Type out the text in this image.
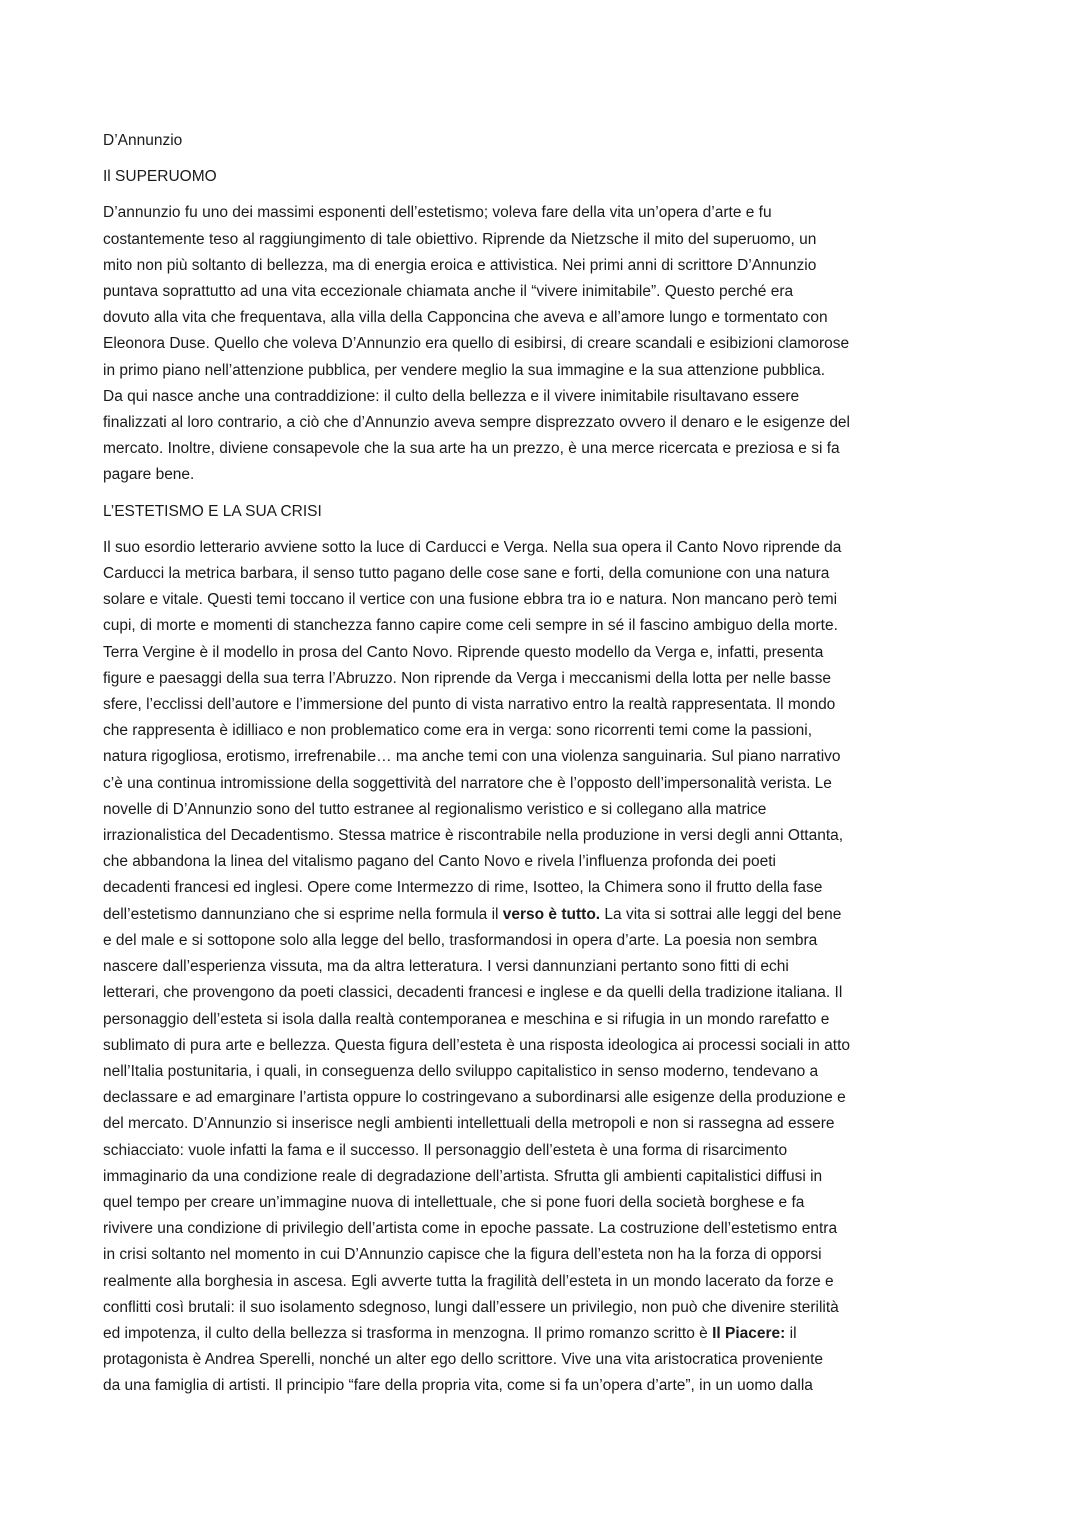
D’Annunzio

Il SUPERUOMO

D’annunzio fu uno dei massimi esponenti dell’estetismo; voleva fare della vita un’opera d’arte e fu
costantemente teso al raggiungimento di tale obiettivo. Riprende da Nietzsche il mito del superuomo, un
mito non più soltanto di bellezza, ma di energia eroica e attivistica. Nei primi anni di scrittore D’Annunzio
puntava soprattutto ad una vita eccezionale chiamata anche il “vivere inimitabile”. Questo perché era
dovuto alla vita che frequentava, alla villa della Capponcina che aveva e all’amore lungo e tormentato con
Eleonora Duse. Quello che voleva D’Annunzio era quello di esibirsi, di creare scandali e esibizioni clamorose
in primo piano nell’attenzione pubblica, per vendere meglio la sua immagine e la sua attenzione pubblica.
Da qui nasce anche una contraddizione: il culto della bellezza e il vivere inimitabile risultavano essere
finalizzati al loro contrario, a ciò che d’Annunzio aveva sempre disprezzato ovvero il denaro e le esigenze del
mercato. Inoltre, diviene consapevole che la sua arte ha un prezzo, è una merce ricercata e preziosa e si fa
pagare bene.

L’ESTETISMO E LA SUA CRISI

Il suo esordio letterario avviene sotto la luce di Carducci e Verga. Nella sua opera il Canto Novo riprende da
Carducci la metrica barbara, il senso tutto pagano delle cose sane e forti, della comunione con una natura
solare e vitale. Questi temi toccano il vertice con una fusione ebbra tra io e natura. Non mancano però temi
cupi, di morte e momenti di stanchezza fanno capire come celi sempre in sé il fascino ambiguo della morte.
Terra Vergine è il modello in prosa del Canto Novo. Riprende questo modello da Verga e, infatti, presenta
figure e paesaggi della sua terra l’Abruzzo. Non riprende da Verga i meccanismi della lotta per nelle basse
sfere, l’ecclissi dell’autore e l’immersione del punto di vista narrativo entro la realtà rappresentata. Il mondo
che rappresenta è idilliaco e non problematico come era in verga: sono ricorrenti temi come la passioni,
natura rigogliosa, erotismo, irrefrenabile… ma anche temi con una violenza sanguinaria. Sul piano narrativo
c’è una continua intromissione della soggettività del narratore che è l’opposto dell’impersonalità verista. Le
novelle di D’Annunzio sono del tutto estranee al regionalismo veristico e si collegano alla matrice
irrazionalistica del Decadentismo. Stessa matrice è riscontrabile nella produzione in versi degli anni Ottanta,
che abbandona la linea del vitalismo pagano del Canto Novo e rivela l’influenza profonda dei poeti
decadenti francesi ed inglesi. Opere come Intermezzo di rime, Isotteo, la Chimera sono il frutto della fase
dell’estetismo dannunziano che si esprime nella formula il verso è tutto. La vita si sottrai alle leggi del bene
e del male e si sottopone solo alla legge del bello, trasformandosi in opera d’arte. La poesia non sembra
nascere dall’esperienza vissuta, ma da altra letteratura. I versi dannunziani pertanto sono fitti di echi
letterari, che provengono da poeti classici, decadenti francesi e inglese e da quelli della tradizione italiana. Il
personaggio dell’esteta si isola dalla realtà contemporanea e meschina e si rifugia in un mondo rarefatto e
sublimato di pura arte e bellezza. Questa figura dell’esteta è una risposta ideologica ai processi sociali in atto
nell’Italia postunitaria, i quali, in conseguenza dello sviluppo capitalistico in senso moderno, tendevano a
declassare e ad emarginare l’artista oppure lo costringevano a subordinarsi alle esigenze della produzione e
del mercato. D’Annunzio si inserisce negli ambienti intellettuali della metropoli e non si rassegna ad essere
schiacciato: vuole infatti la fama e il successo. Il personaggio dell’esteta è una forma di risarcimento
immaginario da una condizione reale di degradazione dell’artista. Sfrutta gli ambienti capitalistici diffusi in
quel tempo per creare un’immagine nuova di intellettuale, che si pone fuori della società borghese e fa
rivivere una condizione di privilegio dell’artista come in epoche passate. La costruzione dell’estetismo entra
in crisi soltanto nel momento in cui D’Annunzio capisce che la figura dell’esteta non ha la forza di opporsi
realmente alla borghesia in ascesa. Egli avverte tutta la fragilità dell’esteta in un mondo lacerato da forze e
conflitti così brutali: il suo isolamento sdegnoso, lungi dall’essere un privilegio, non può che divenire sterilità
ed impotenza, il culto della bellezza si trasforma in menzogna. Il primo romanzo scritto è Il Piacere: il
protagonista è Andrea Sperelli, nonché un alter ego dello scrittore. Vive una vita aristocratica proveniente
da una famiglia di artisti. Il principio “fare della propria vita, come si fa un’opera d’arte”, in un uomo dalla
